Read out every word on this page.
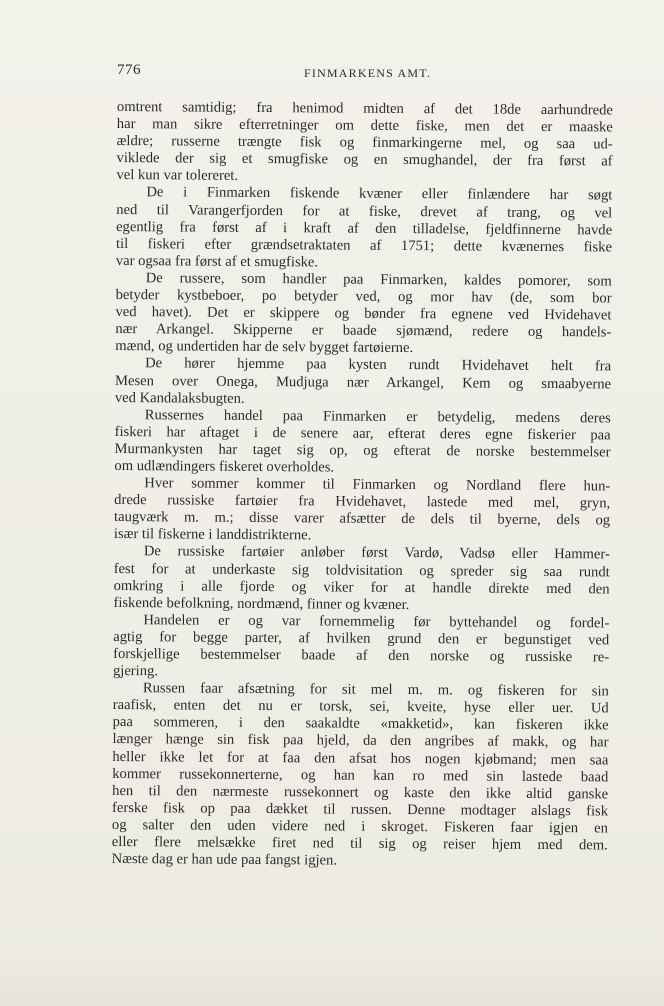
776	FINMARKENS AMT.
omtrent samtidig; fra henimod midten af det 18de aarhundrede
har man sikre efterretninger om dette fiske, men det er maaske
ældre; russerne trængte fisk og finmarkingerne mel, og saa ud-
viklede der sig et smugfiske og en smughandel, der fra først af
vel kun var tolereret.
De i Finmarken fiskende kvæner eller finlændere har søgt
ned til Varangerfjorden for at fiske, drevet af trang, og vel
egentlig fra først af i kraft af den tilladelse, fjeldfinnerne havde
til fiskeri efter grændsetraktaten af 1751; dette kvænernes fiske
var ogsaa fra først af et smugfiske.
De russere, som handler paa Finmarken, kaldes pomorer, som
betyder kystbeboer, po betyder ved, og mor hav (de, som bor
ved havet). Det er skippere og bønder fra egnene ved Hvidehavet
nær Arkangel. Skipperne er baade sjømænd, redere og handels-
mænd, og undertiden har de selv bygget fartøierne.
De hører hjemme paa kysten rundt Hvidehavet helt fra
Mesen over Onega, Mudjuga nær Arkangel, Kem og smaabyerne
ved Kandalaksbugten.
Russernes handel paa Finmarken er betydelig, medens deres
fiskeri har aftaget i de senere aar, efterat deres egne fiskerier paa
Murmankysten har taget sig op, og efterat de norske bestemmelser
om udlændingers fiskeret overholdes.
Hver sommer kommer til Finmarken og Nordland flere hun-
drede russiske fartøier fra Hvidehavet, lastede med mel, gryn,
taugværk m. m.; disse varer afsætter de dels til byerne, dels og
især til fiskerne i landdistrikterne.
De russiske fartøier anløber først Vardø, Vadsø eller Hammer-
fest for at underkaste sig toldvisitation og spreder sig saa rundt
omkring i alle fjorde og viker for at handle direkte med den
fiskende befolkning, nordmænd, finner og kvæner.
Handelen er og var fornemmelig før byttehandel og fordel-
agtig for begge parter, af hvilken grund den er begunstiget ved
forskjellige bestemmelser baade af den norske og russiske re-
gjering.
Russen faar afsætning for sit mel m. m. og fiskeren for sin
raafisk, enten det nu er torsk, sei, kveite, hyse eller uer. Ud
paa sommeren, i den saakaldte «makketid», kan fiskeren ikke
længer hænge sin fisk paa hjeld, da den angribes af makk, og har
heller ikke let for at faa den afsat hos nogen kjøbmand; men saa
kommer russekonnerterne, og han kan ro med sin lastede baad
hen til den nærmeste russekonnert og kaste den ikke altid ganske
ferske fisk op paa dækket til russen. Denne modtager alslags fisk
og salter den uden videre ned i skroget. Fiskeren faar igjen en
eller flere melsække firet ned til sig og reiser hjem med dem.
Næste dag er han ude paa fangst igjen.
